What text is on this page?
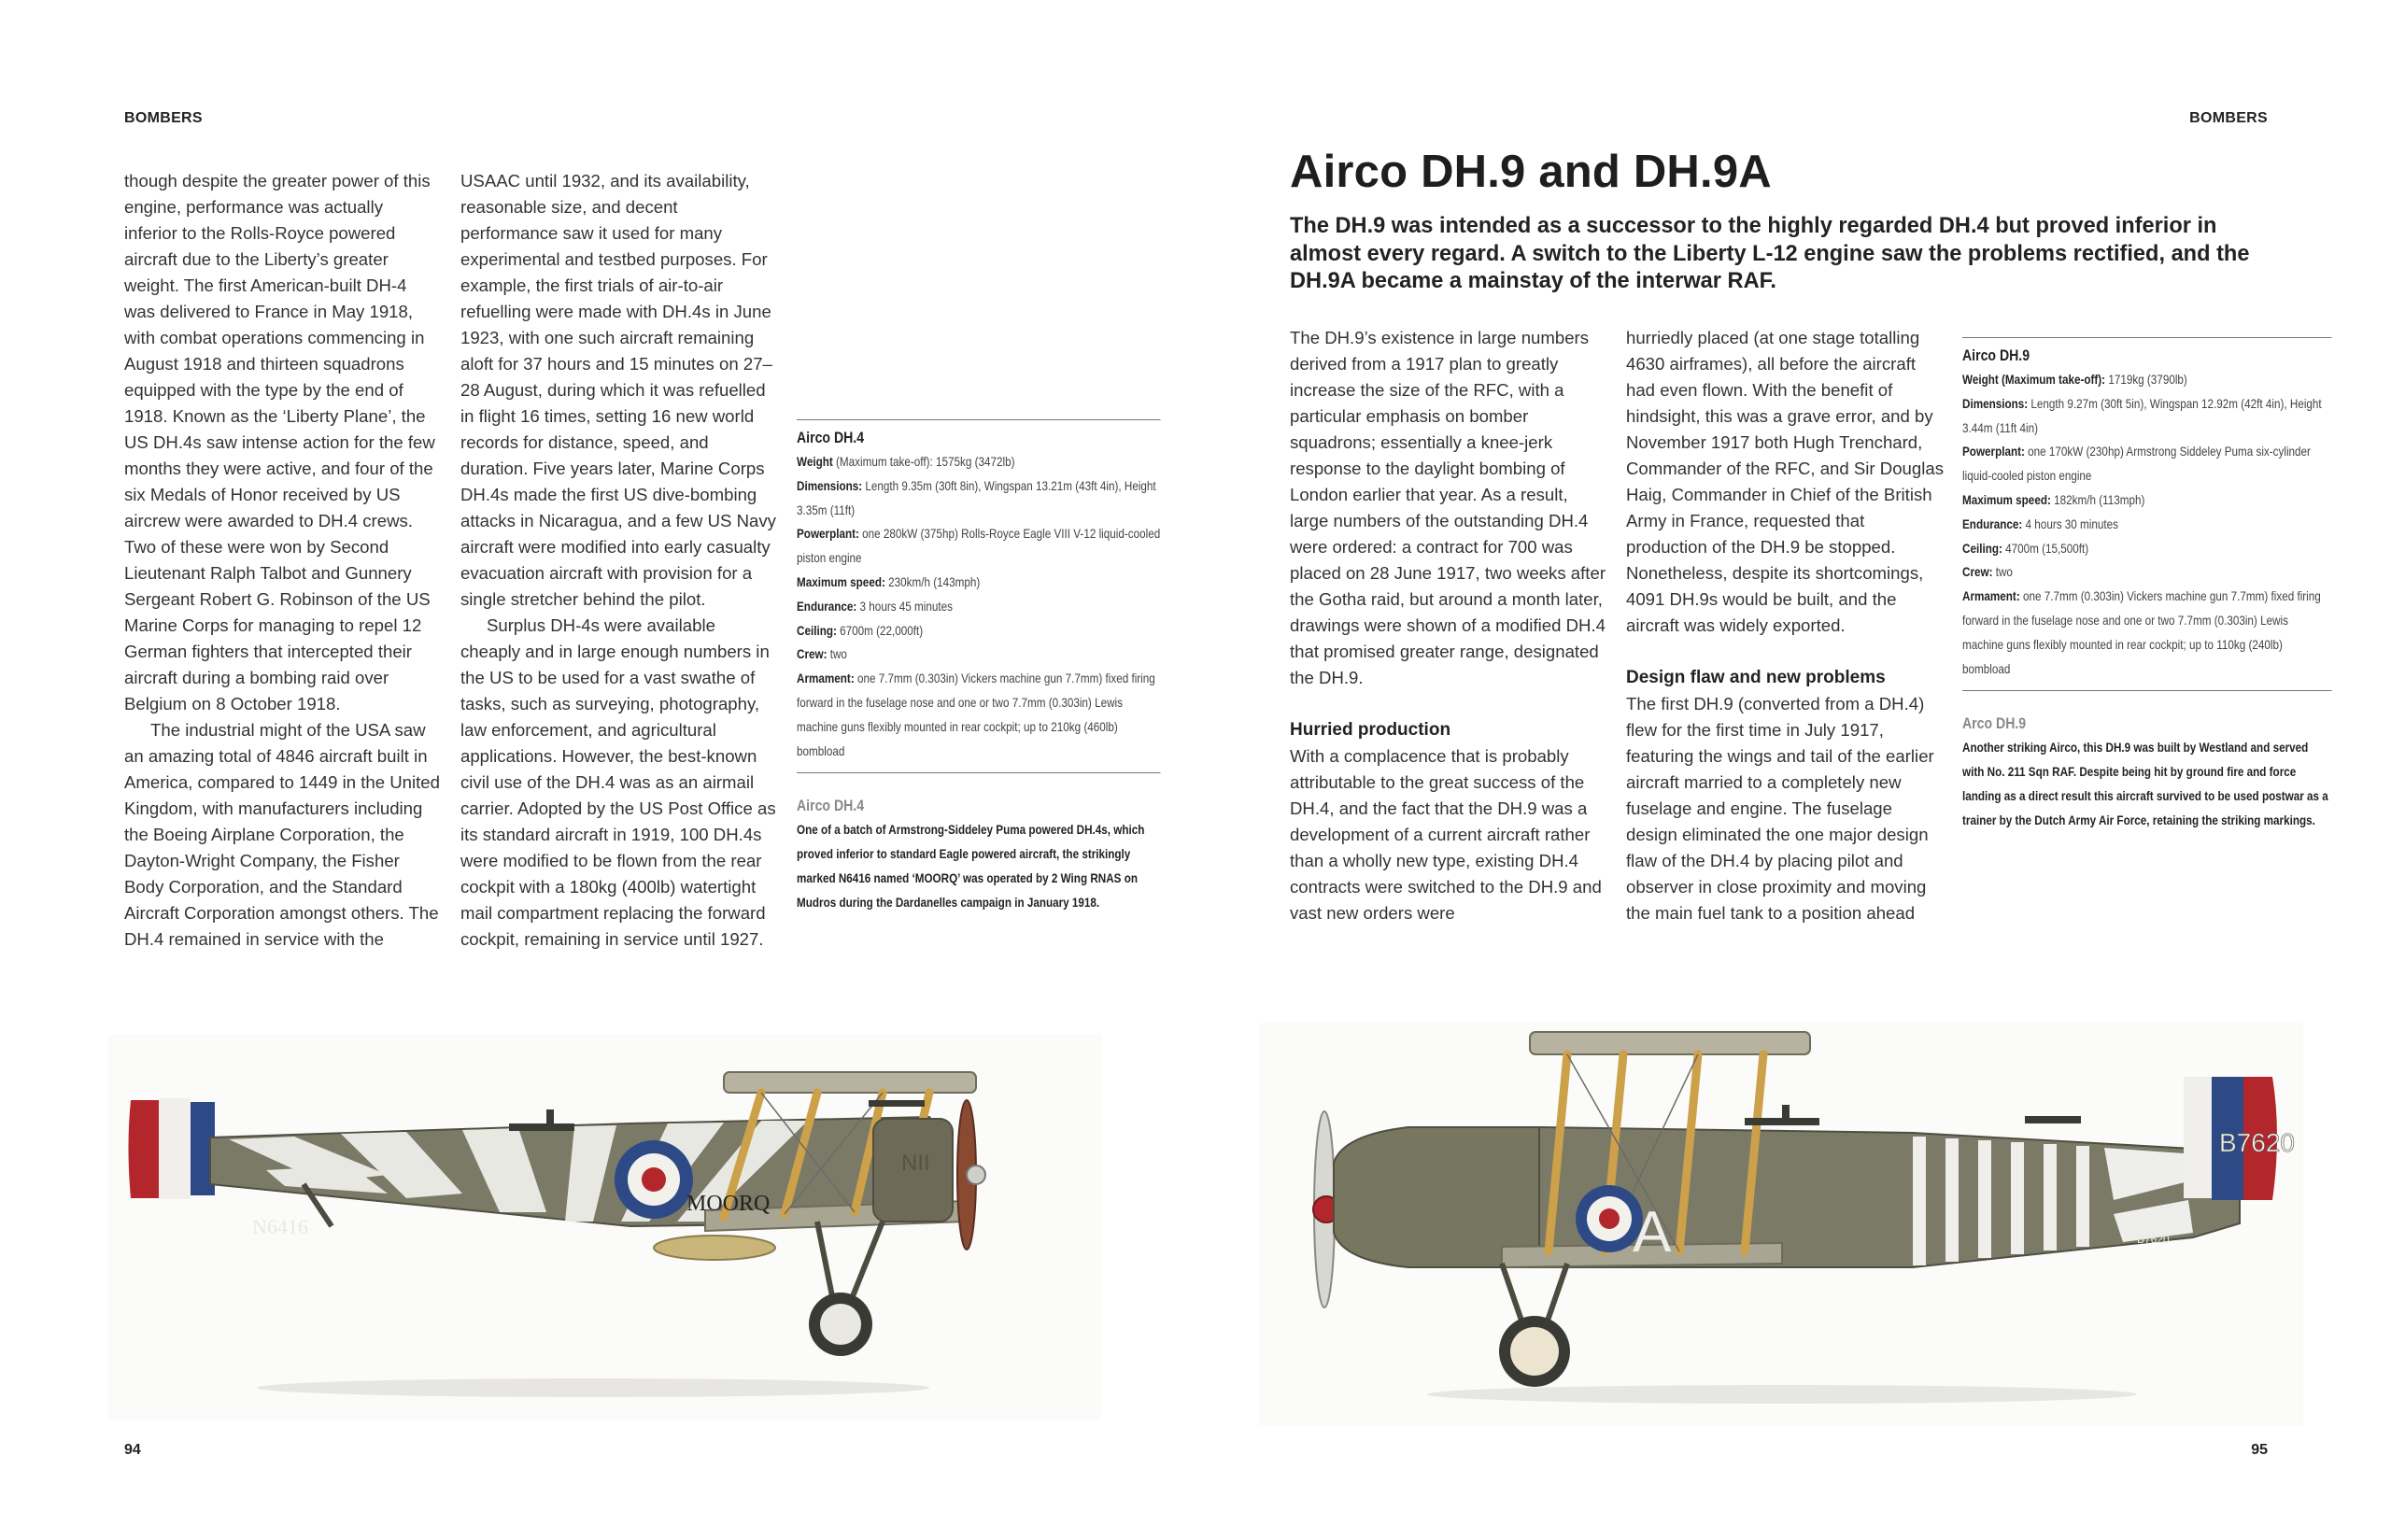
BOMBERS

though despite the greater power of this engine, performance was actually inferior to the Rolls-Royce powered aircraft due to the Liberty’s greater weight. The first American-built DH-4 was delivered to France in May 1918, with combat operations commencing in August 1918 and thirteen squadrons equipped with the type by the end of 1918. Known as the ‘Liberty Plane’, the US DH.4s saw intense action for the few months they were active, and four of the six Medals of Honor received by US aircrew were awarded to DH.4 crews. Two of these were won by Second Lieutenant Ralph Talbot and Gunnery Sergeant Robert G. Robinson of the US Marine Corps for managing to repel 12 German fighters that intercepted their aircraft during a bombing raid over Belgium on 8 October 1918.

The industrial might of the USA saw an amazing total of 4846 aircraft built in America, compared to 1449 in the United Kingdom, with manufacturers including the Boeing Airplane Corporation, the Dayton-Wright Company, the Fisher Body Corporation, and the Standard Aircraft Corporation amongst others. The DH.4 remained in service with the

USAAC until 1932, and its availability, reasonable size, and decent performance saw it used for many experimental and testbed purposes. For example, the first trials of air-to-air refuelling were made with DH.4s in June 1923, with one such aircraft remaining aloft for 37 hours and 15 minutes on 27–28 August, during which it was refuelled in flight 16 times, setting 16 new world records for distance, speed, and duration. Five years later, Marine Corps DH.4s made the first US dive-bombing attacks in Nicaragua, and a few US Navy aircraft were modified into early casualty evacuation aircraft with provision for a single stretcher behind the pilot.

Surplus DH-4s were available cheaply and in large enough numbers in the US to be used for a vast swathe of tasks, such as surveying, photography, law enforcement, and agricultural applications. However, the best-known civil use of the DH.4 was as an airmail carrier. Adopted by the US Post Office as its standard aircraft in 1919, 100 DH.4s were modified to be flown from the rear cockpit with a 180kg (400lb) watertight mail compartment replacing the forward cockpit, remaining in service until 1927.

Airco DH.4
Weight (Maximum take-off): 1575kg (3472lb)
Dimensions: Length 9.35m (30ft 8in), Wingspan 13.21m (43ft 4in), Height 3.35m (11ft)
Powerplant: one 280kW (375hp) Rolls-Royce Eagle VIII V-12 liquid-cooled piston engine
Maximum speed: 230km/h (143mph)
Endurance: 3 hours 45 minutes
Ceiling: 6700m (22,000ft)
Crew: two
Armament: one 7.7mm (0.303in) Vickers machine gun 7.7mm) fixed firing forward in the fuselage nose and one or two 7.7mm (0.303in) Lewis machine guns flexibly mounted in rear cockpit; up to 210kg (460lb) bombload
Airco DH.4
One of a batch of Armstrong-Siddeley Puma powered DH.4s, which proved inferior to standard Eagle powered aircraft, the strikingly marked N6416 named ‘MOORQ’ was operated by 2 Wing RNAS on Mudros during the Dardanelles campaign in January 1918.
N6416
MOORQ
NII
94
BOMBERS
Airco DH.9 and DH.9A
The DH.9 was intended as a successor to the highly regarded DH.4 but proved inferior in almost every regard. A switch to the Liberty L-12 engine saw the problems rectified, and the DH.9A became a mainstay of the interwar RAF.

The DH.9’s existence in large numbers derived from a 1917 plan to greatly increase the size of the RFC, with a particular emphasis on bomber squadrons; essentially a knee-jerk response to the daylight bombing of London earlier that year. As a result, large numbers of the outstanding DH.4 were ordered: a contract for 700 was placed on 28 June 1917, two weeks after the Gotha raid, but around a month later, drawings were shown of a modified DH.4 that promised greater range, designated the DH.9.

Hurried production

With a complacence that is probably attributable to the great success of the DH.4, and the fact that the DH.9 was a development of a current aircraft rather than a wholly new type, existing DH.4 contracts were switched to the DH.9 and vast new orders were

hurriedly placed (at one stage totalling 4630 airframes), all before the aircraft had even flown. With the benefit of hindsight, this was a grave error, and by November 1917 both Hugh Trenchard, Commander of the RFC, and Sir Douglas Haig, Commander in Chief of the British Army in France, requested that production of the DH.9 be stopped. Nonetheless, despite its shortcomings, 4091 DH.9s would be built, and the aircraft was widely exported.

Design flaw and new problems

The first DH.9 (converted from a DH.4) flew for the first time in July 1917, featuring the wings and tail of the earlier aircraft married to a completely new fuselage and engine. The fuselage design eliminated the one major design flaw of the DH.4 by placing pilot and observer in close proximity and moving the main fuel tank to a position ahead

Airco DH.9
Weight (Maximum take-off): 1719kg (3790lb)
Dimensions: Length 9.27m (30ft 5in), Wingspan 12.92m (42ft 4in), Height 3.44m (11ft 4in)
Powerplant: one 170kW (230hp) Armstrong Siddeley Puma six-cylinder liquid-cooled piston engine
Maximum speed: 182km/h (113mph)
Endurance: 4 hours 30 minutes
Ceiling: 4700m (15,500ft)
Crew: two
Armament: one 7.7mm (0.303in) Vickers machine gun 7.7mm) fixed firing forward in the fuselage nose and one or two 7.7mm (0.303in) Lewis machine guns flexibly mounted in rear cockpit; up to 110kg (240lb) bombload
Arco DH.9
Another striking Airco, this DH.9 was built by Westland and served with No. 211 Sqn RAF. Despite being hit by ground fire and force landing as a direct result this aircraft survived to be used postwar as a trainer by the Dutch Army Air Force, retaining the striking markings.
A
B7620
B7620
95
